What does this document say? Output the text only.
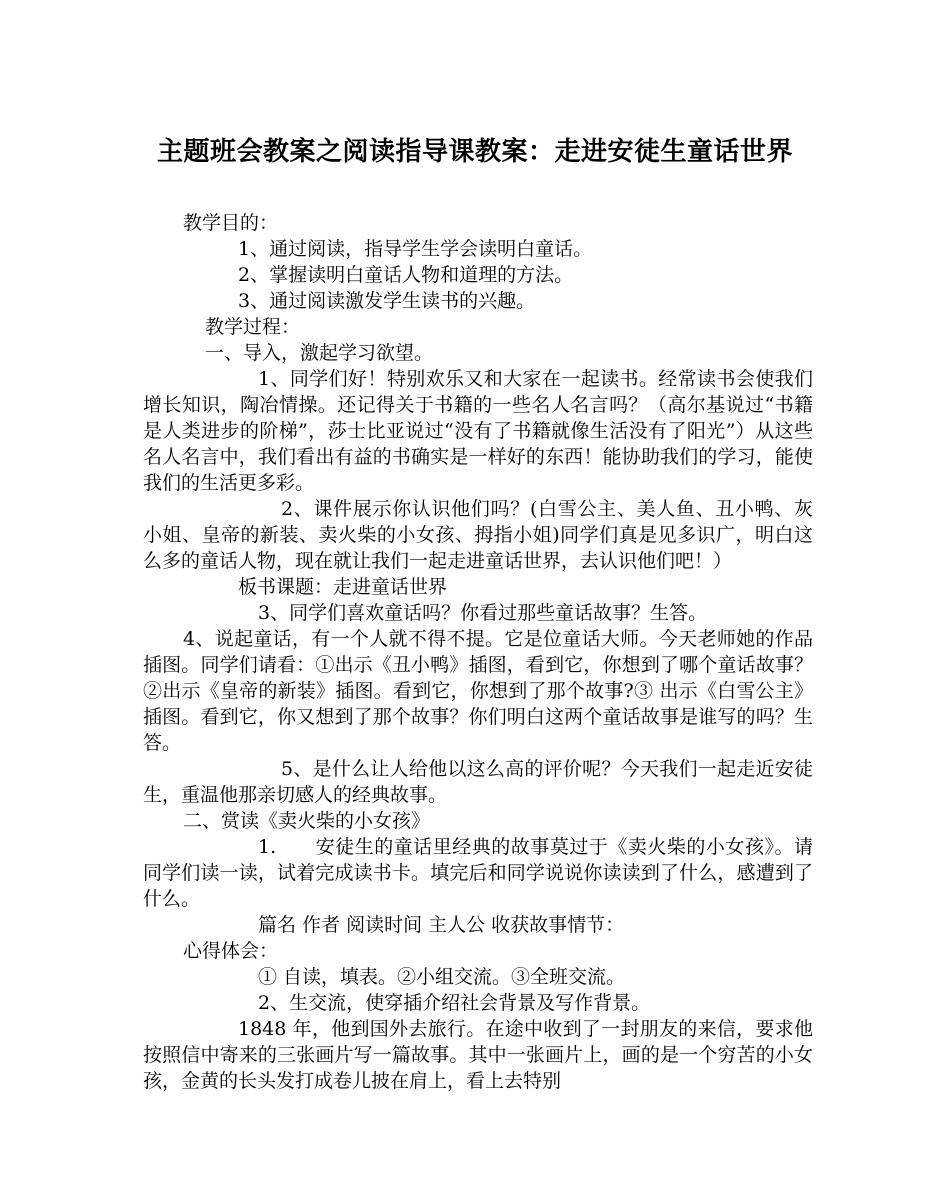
主题班会教案之阅读指导课教案：走进安徒生童话世界

教学目的：

1、通过阅读，指导学生学会读明白童话。

2、掌握读明白童话人物和道理的方法。

3、通过阅读激发学生读书的兴趣。

教学过程：

一、导入，激起学习欲望。

1、同学们好！特别欢乐又和大家在一起读书。经常读书会使我们增长知识，陶冶情操。还记得关于书籍的一些名人名言吗？（高尔基说过“书籍是人类进步的阶梯”，莎士比亚说过“没有了书籍就像生活没有了阳光”）从这些名人名言中，我们看出有益的书确实是一样好的东西！能协助我们的学习，能使我们的生活更多彩。

2、课件展示你认识他们吗？(白雪公主、美人鱼、丑小鸭、灰小姐、皇帝的新装、卖火柴的小女孩、拇指小姐)同学们真是见多识广，明白这么多的童话人物，现在就让我们一起走进童话世界，去认识他们吧！）

板书课题：走进童话世界

3、同学们喜欢童话吗？你看过那些童话故事？生答。

4、说起童话，有一个人就不得不提。它是位童话大师。今天老师她的作品插图。同学们请看：①出示《丑小鸭》插图，看到它，你想到了哪个童话故事？②出示《皇帝的新装》插图。看到它，你想到了那个故事?③ 出示《白雪公主》插图。看到它，你又想到了那个故事？你们明白这两个童话故事是谁写的吗？生答。

5、是什么让人给他以这么高的评价呢？今天我们一起走近安徒生，重温他那亲切感人的经典故事。

二、赏读《卖火柴的小女孩》

1.　　安徒生的童话里经典的故事莫过于《卖火柴的小女孩》。请同学们读一读，试着完成读书卡。填完后和同学说说你读读到了什么，感遭到了什么。

篇名 作者 阅读时间 主人公 收获故事情节：

心得体会：

① 自读，填表。②小组交流。③全班交流。

2、生交流，使穿插介绍社会背景及写作背景。

1848 年，他到国外去旅行。在途中收到了一封朋友的来信，要求他按照信中寄来的三张画片写一篇故事。其中一张画片上，画的是一个穷苦的小女孩，金黄的长头发打成卷儿披在肩上，看上去特别
